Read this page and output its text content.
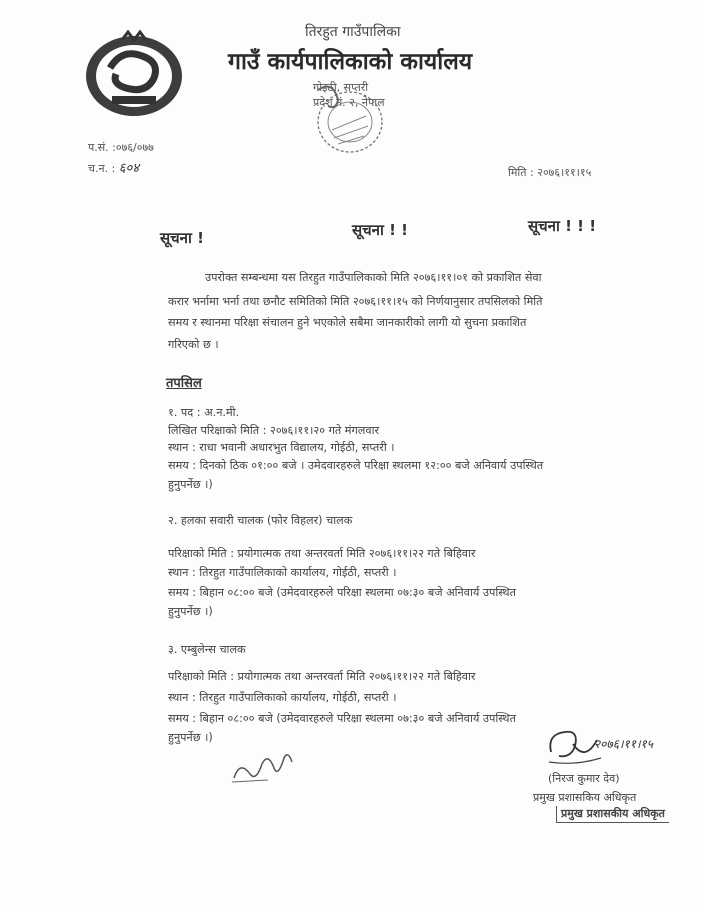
तिरहुत गाउँपालिका
गाउँ कार्यपालिकाको कार्यालय
गोइठी, सप्तरी
प्रदेश नं. २, नेपाल
प.सं. :०७६/०७७
च.न. : ६०४	मिति : २०७६।११।१५
सूचना !	सूचना ! !	सूचना ! ! !
उपरोक्त सम्बन्धमा यस तिरहुत गाउँपालिकाको मिति २०७६।११।०१ को प्रकाशित सेवा
करार भर्नामा भर्ना तथा छनौट समितिको मिति २०७६।११।१५ को निर्णयानुसार तपसिलको मिति
समय र स्थानमा परिक्षा संचालन हुने भएकोले सबैमा जानकारीको लागी यो सुचना प्रकाशित
गरिएको छ ।
तपसिल
१. पद : अ.न.मी.
लिखित परिक्षाको मिति : २०७६।११।२० गते मंगलवार
स्थान : राधा भवानी अधारभुत विद्यालय, गोईठी, सप्तरी ।
समय : दिनको ठिक ०१:०० बजे । उमेदवारहरुले परिक्षा स्थलमा १२:०० बजे अनिवार्य उपस्थित
हुनुपर्नेछ ।)
२. हलका सवारी चालक (फोर विहलर) चालक
परिक्षाको मिति : प्रयोगात्मक तथा अन्तरवर्ता मिति २०७६।११।२२ गते बिहिवार
स्थान : तिरहुत गाउँपालिकाको कार्यालय, गोईठी, सप्तरी ।
समय : बिहान ०८:०० बजे (उमेदवारहरुले परिक्षा स्थलमा ०७:३० बजे अनिवार्य उपस्थित
हुनुपर्नेछ ।)
३. एम्बुलेन्स चालक
परिक्षाको मिति : प्रयोगात्मक तथा अन्तरवर्ता मिति २०७६।११।२२ गते बिहिवार
स्थान : तिरहुत गाउँपालिकाको कार्यालय, गोईठी, सप्तरी ।
समय : बिहान ०८:०० बजे (उमेदवारहरुले परिक्षा स्थलमा ०७:३० बजे अनिवार्य उपस्थित
हुनुपर्नेछ ।)	२०७६।११।१५
(निरज कुमार देव)
प्रमुख प्रशासकिय अधिकृत
प्रमुख प्रशासकीय अधिकृत
